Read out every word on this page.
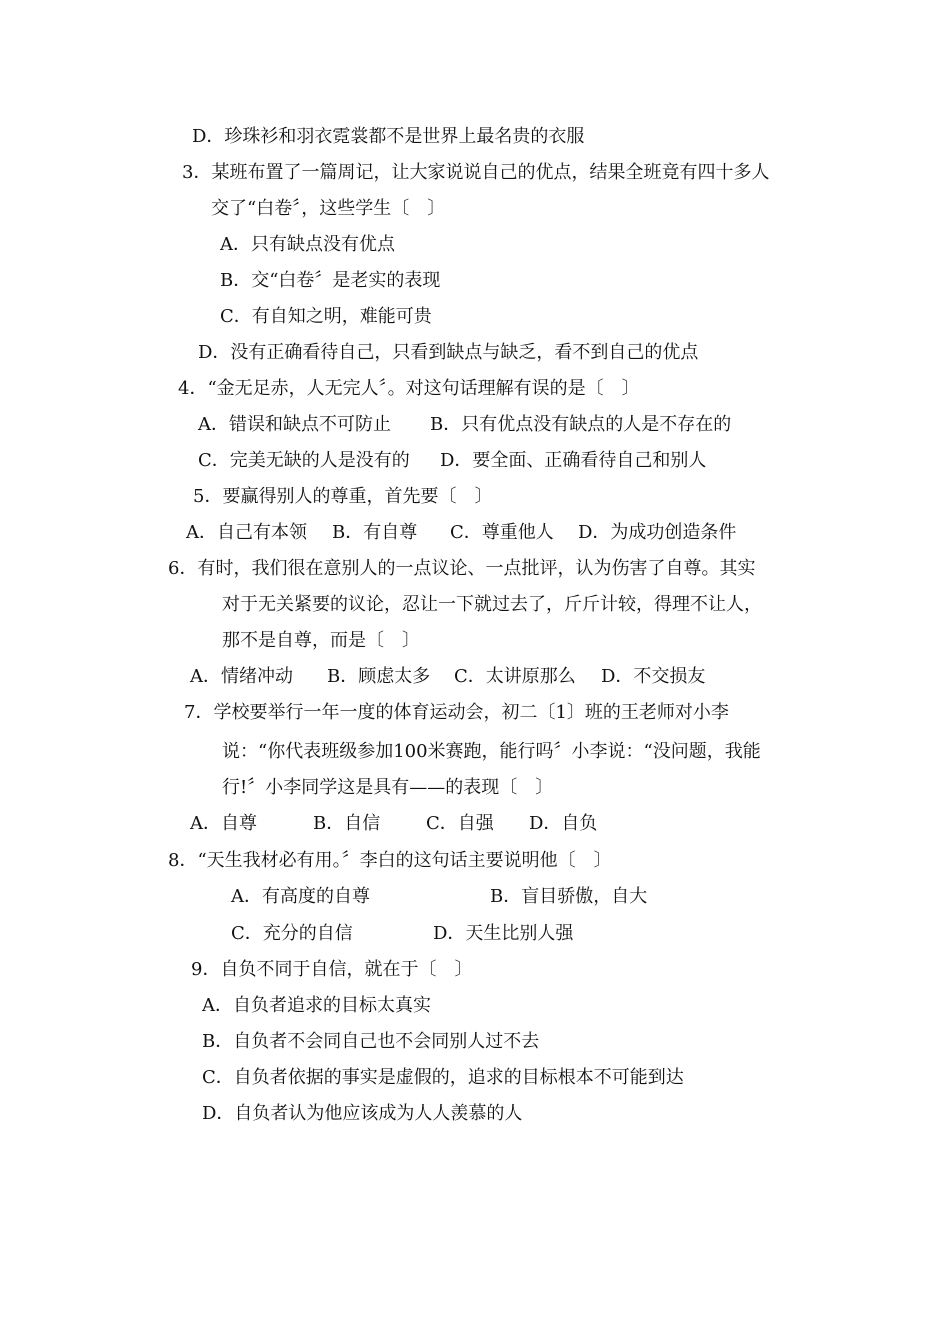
D．珍珠衫和羽衣霓裳都不是世界上最名贵的衣服
3．某班布置了一篇周记，让大家说说自己的优点，结果全班竟有四十多人
交了“白卷〞，这些学生〔　〕
A．只有缺点没有优点
B．交“白卷〞是老实的表现
C．有自知之明，难能可贵
D．没有正确看待自己，只看到缺点与缺乏，看不到自己的优点
4．“金无足赤，人无完人〞。对这句话理解有误的是〔　〕
A．错误和缺点不可防止 B．只有优点没有缺点的人是不存在的
C．完美无缺的人是没有的 D．要全面、正确看待自己和别人
5．要赢得别人的尊重，首先要〔　〕
A．自己有本领 B．有自尊 C．尊重他人 D．为成功创造条件
6．有时，我们很在意别人的一点议论、一点批评，认为伤害了自尊。其实
对于无关紧要的议论，忍让一下就过去了，斤斤计较，得理不让人，
那不是自尊，而是〔　〕
A．情绪冲动 B．顾虑太多 C．太讲原那么 D．不交损友
7．学校要举行一年一度的体育运动会，初二〔1〕班的王老师对小李
说：“你代表班级参加100米赛跑，能行吗〞小李说：“没问题，我能
行!〞小李同学这是具有——的表现〔　〕
A．自尊	B．自信	C．自强 D．自负
8．“天生我材必有用。〞李白的这句话主要说明他〔　〕
A．有高度的自尊	B．盲目骄傲，自大
C．充分的自信	D．天生比别人强
9．自负不同于自信，就在于〔　〕
A．自负者追求的目标太真实
B．自负者不会同自己也不会同别人过不去
C．自负者依据的事实是虚假的，追求的目标根本不可能到达
D．自负者认为他应该成为人人羡慕的人
